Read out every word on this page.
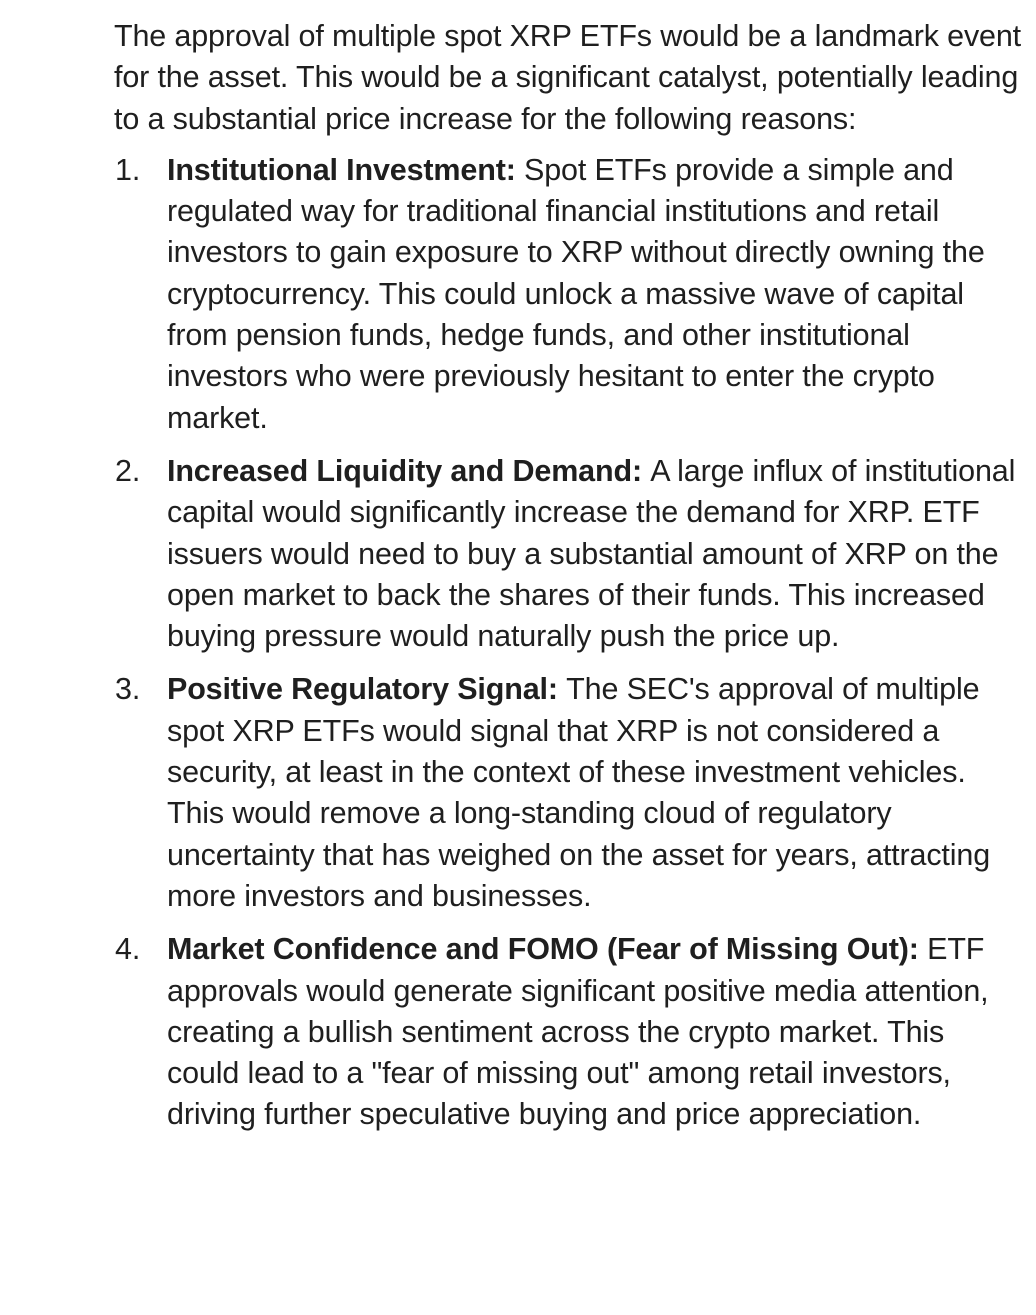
The approval of multiple spot XRP ETFs would be a landmark event for the asset. This would be a significant catalyst, potentially leading to a substantial price increase for the following reasons:

1. Institutional Investment: Spot ETFs provide a simple and regulated way for traditional financial institutions and retail investors to gain exposure to XRP without directly owning the cryptocurrency. This could unlock a massive wave of capital from pension funds, hedge funds, and other institutional investors who were previously hesitant to enter the crypto market.
2. Increased Liquidity and Demand: A large influx of institutional capital would significantly increase the demand for XRP. ETF issuers would need to buy a substantial amount of XRP on the open market to back the shares of their funds. This increased buying pressure would naturally push the price up.
3. Positive Regulatory Signal: The SEC's approval of multiple spot XRP ETFs would signal that XRP is not considered a security, at least in the context of these investment vehicles. This would remove a long-standing cloud of regulatory uncertainty that has weighed on the asset for years, attracting more investors and businesses.
4. Market Confidence and FOMO (Fear of Missing Out): ETF approvals would generate significant positive media attention, creating a bullish sentiment across the crypto market. This could lead to a "fear of missing out" among retail investors, driving further speculative buying and price appreciation.
